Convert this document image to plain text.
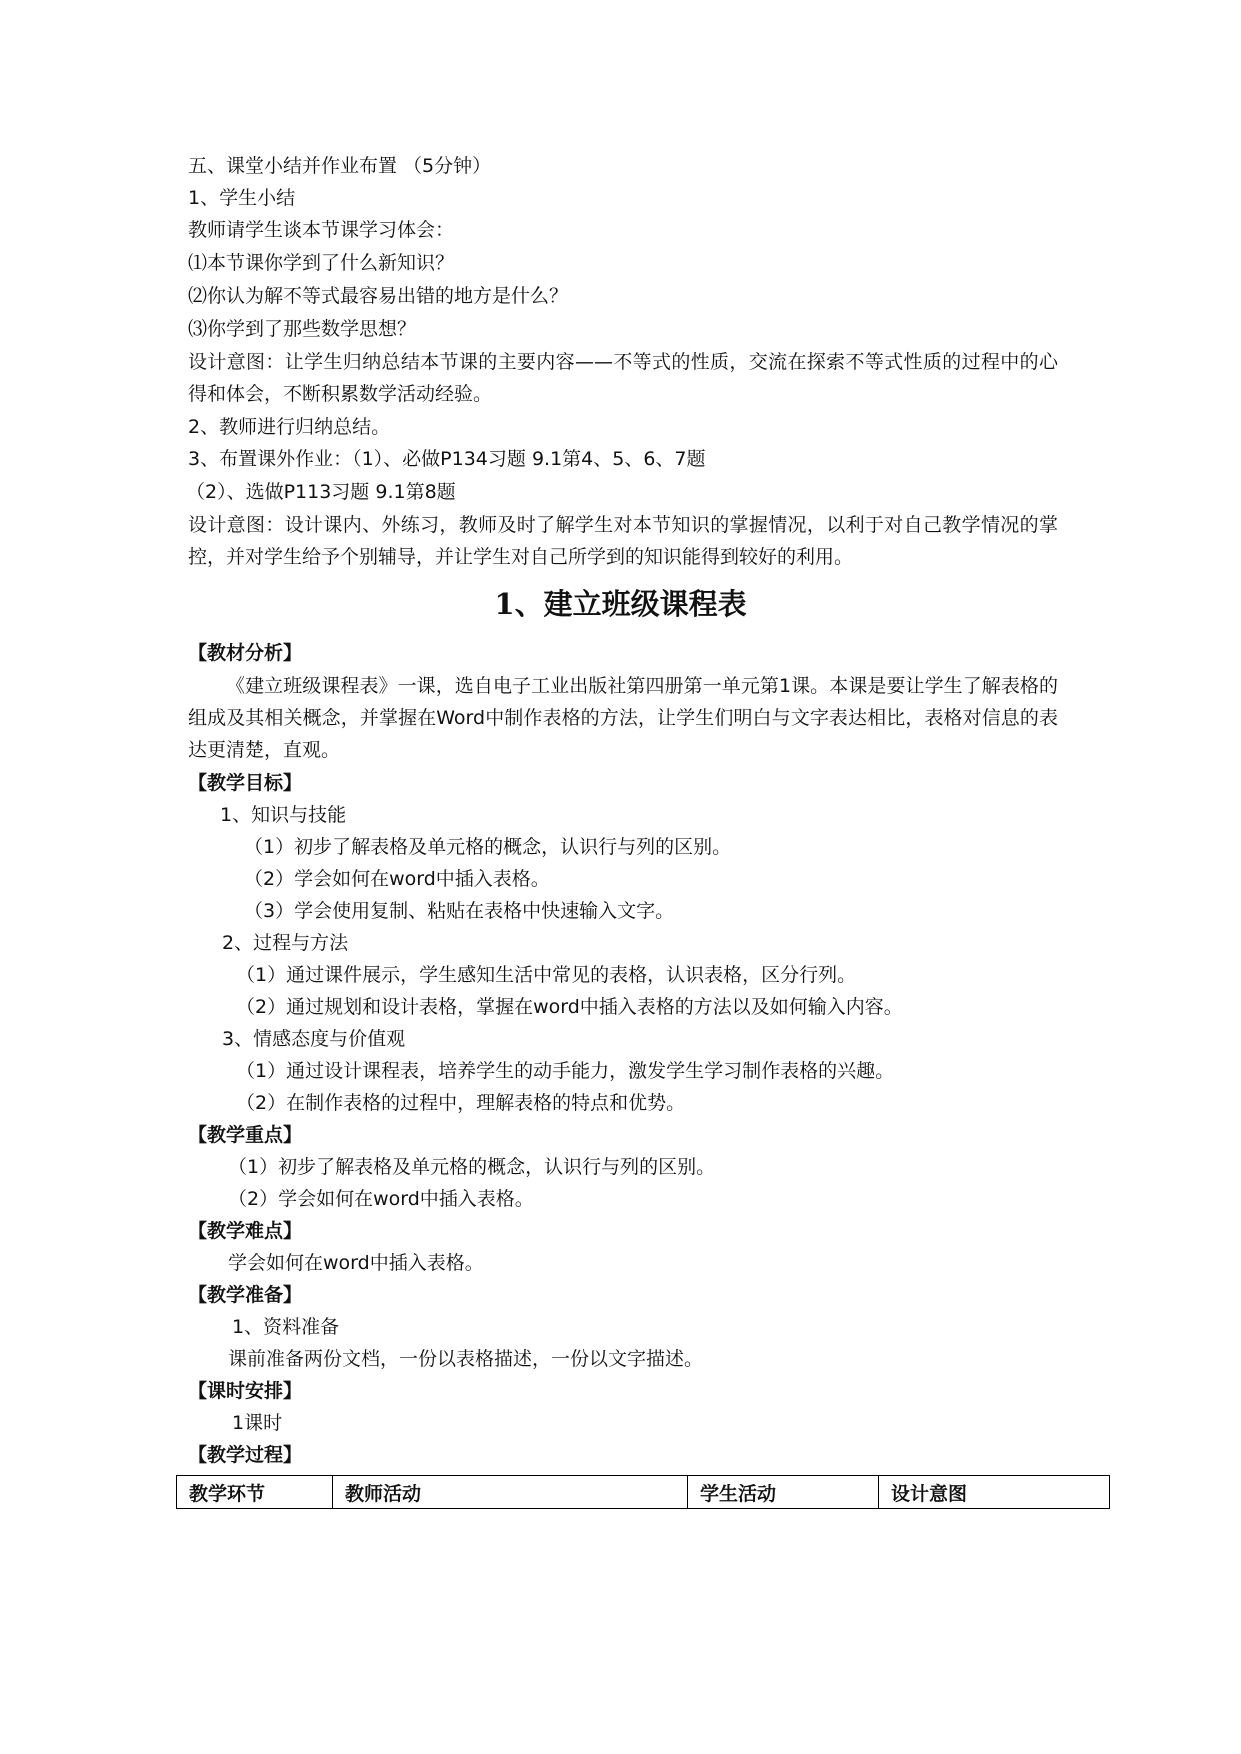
五、课堂小结并作业布置 （5分钟）
1、学生小结
教师请学生谈本节课学习体会：
⑴本节课你学到了什么新知识？
⑵你认为解不等式最容易出错的地方是什么？
⑶你学到了那些数学思想？
设计意图：让学生归纳总结本节课的主要内容——不等式的性质，交流在探索不等式性质的过程中的心得和体会，不断积累数学活动经验。
2、教师进行归纳总结。
3、布置课外作业：（1）、必做P134习题 9.1第4、5、6、7题
（2）、选做P113习题 9.1第8题
设计意图：设计课内、外练习，教师及时了解学生对本节知识的掌握情况，以利于对自己教学情况的掌控，并对学生给予个别辅导，并让学生对自己所学到的知识能得到较好的利用。
1、建立班级课程表
【教材分析】
《建立班级课程表》一课，选自电子工业出版社第四册第一单元第1课。本课是要让学生了解表格的组成及其相关概念，并掌握在Word中制作表格的方法，让学生们明白与文字表达相比，表格对信息的表达更清楚，直观。
【教学目标】
1、知识与技能
（1）初步了解表格及单元格的概念，认识行与列的区别。
（2）学会如何在word中插入表格。
（3）学会使用复制、粘贴在表格中快速输入文字。
2、过程与方法
（1）通过课件展示，学生感知生活中常见的表格，认识表格，区分行列。
（2）通过规划和设计表格，掌握在word中插入表格的方法以及如何输入内容。
3、情感态度与价值观
（1）通过设计课程表，培养学生的动手能力，激发学生学习制作表格的兴趣。
（2）在制作表格的过程中，理解表格的特点和优势。
【教学重点】
（1）初步了解表格及单元格的概念，认识行与列的区别。
（2）学会如何在word中插入表格。
【教学难点】
学会如何在word中插入表格。
【教学准备】
1、资料准备
课前准备两份文档，一份以表格描述，一份以文字描述。
【课时安排】
1课时
【教学过程】
教学环节	教师活动	学生活动	设计意图
